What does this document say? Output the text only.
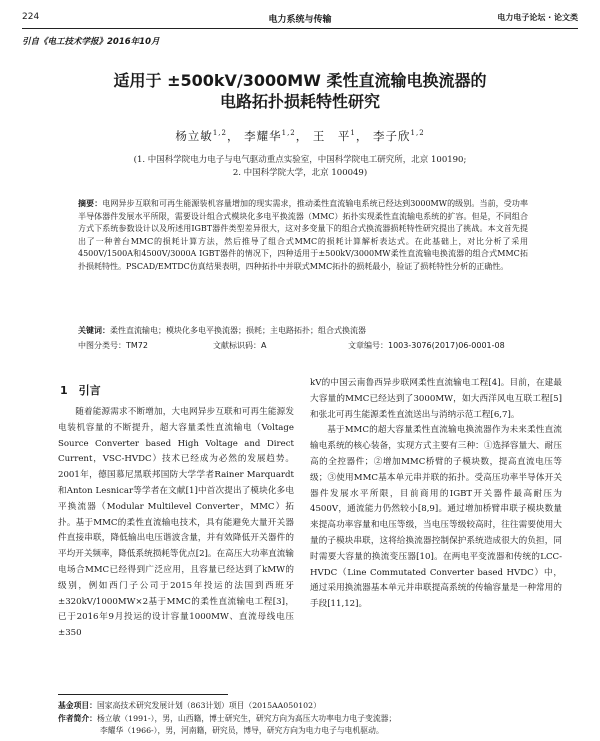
224	电力系统与传输	电力电子论坛 · 论文类
引自《电工技术学报》2016年10月
适用于 ±500kV/3000MW 柔性直流输电换流器的
电路拓扑损耗特性研究
杨立敏$^{1,2}$， 李耀华$^{1,2}$， 王　平$^1$， 李子欣$^{1,2}$
(1. 中国科学院电力电子与电气驱动重点实验室，中国科学院电工研究所，北京 100190;
2. 中国科学院大学，北京 100049)
摘要：电网异步互联和可再生能源装机容量增加的现实需求，推动柔性直流输电系统已经达到3000MW的级别。当前，受功率半导体器件发展水平所限，需要设计组合式模块化多电平换流器（MMC）拓扑实现柔性直流输电系统的扩容。但是，不同组合方式下系统参数设计以及所述用IGBT器件类型差异很大，这对多变量下的组合式换流器损耗特性研究提出了挑战。本文首先提出了一种普台MMC的损耗计算方法，然后推导了组合式MMC的损耗计算解析表达式。在此基础上，对比分析了采用4500V/1500A和4500V/3000A IGBT器件的情况下，四种适用于±500kV/3000MW柔性直流输电换流器的组合式MMC拓扑损耗特性。PSCAD/EMTDC仿真结果表明，四种拓扑中并联式MMC拓扑的损耗最小，验证了损耗特性分析的正确性。
关键词：柔性直流输电；模块化多电平换流器；损耗；主电路拓扑；组合式换流器
中图分类号：TM72	文献标识码：A	文章编号：1003-3076(2017)06-0001-08
1　引言

随着能源需求不断增加，大电网异步互联和可再生能源发电装机容量的不断提升，超大容量柔性直流输电（Voltage Source Converter based High Voltage and Direct Current，VSC-HVDC）技术已经成为必然的发展趋势。2001年，德国慕尼黑联邦国防大学学者Rainer Marquardt和Anton Lesnicar等学者在文献[1]中首次提出了模块化多电平换流器（Modular Multilevel Converter，MMC）拓扑。基于MMC的柔性直流输电技术，具有能避免大量开关器件直接串联，降低输出电压谐波含量，并有效降低开关器件的平均开关频率，降低系统损耗等优点[2]。在高压大功率直流输电场合MMC已经得到广泛应用，且容量已经达到了kMW的级别，例如西门子公司于2015年投运的法国到西班牙±320kV/1000MW×2基于MMC的柔性直流输电工程[3]，已于2016年9月投运的设计容量1000MW、直流母线电压±350

kV的中国云南鲁西异步联网柔性直流输电工程[4]。目前，在建最大容量的MMC已经达到了3000MW，如大西洋风电互联工程[5]和张北可再生能源柔性直流送出与消纳示范工程[6,7]。

基于MMC的超大容量柔性直流输电换流器作为未来柔性直流输电系统的核心装备，实现方式主要有三种：①选择容量大、耐压高的全控器件；②增加MMC桥臂的子模块数，提高直流电压等级；③使用MMC基本单元串并联的拓扑。受高压功率半导体开关器件发展水平所限，目前商用的IGBT开关器件最高耐压为4500V，通流能力仍然较小[8,9]。通过增加桥臂串联子模块数量来提高功率容量和电压等级，当电压等级较高时，往往需要使用大量的子模块串联，这将给换流器控制保护系统造成很大的负担，同时需要大容量的换流变压器[10]。在两电平变流器和传统的LCC-HVDC（Line Commutated Converter based HVDC）中，通过采用换流器基本单元并串联提高系统的传输容量是一种常用的手段[11,12]。

基金项目：国家高技术研究发展计划（863计划）项目（2015AA050102）
作者简介：杨立敏（1991-），男，山西籍，博士研究生，研究方向为高压大功率电力电子变流器；
李耀华（1966-），男，河南籍，研究员，博导，研究方向为电力电子与电机驱动。
